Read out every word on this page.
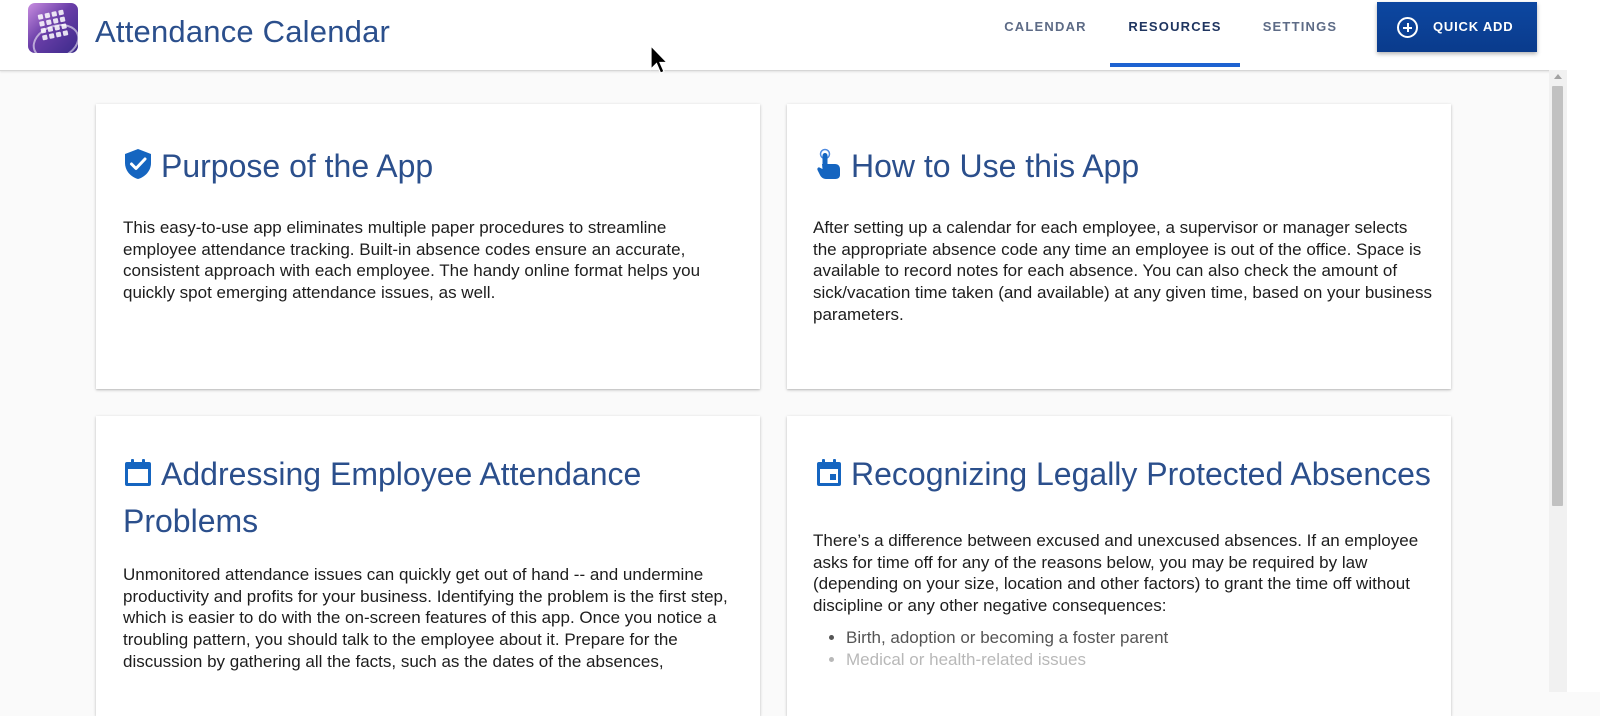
Attendance Calendar	CALENDAR	RESOURCES	SETTINGS	QUICK ADD
Purpose of the App
This easy-to-use app eliminates multiple paper procedures to streamline employee attendance tracking. Built-in absence codes ensure an accurate, consistent approach with each employee. The handy online format helps you quickly spot emerging attendance issues, as well.
How to Use this App
After setting up a calendar for each employee, a supervisor or manager selects the appropriate absence code any time an employee is out of the office. Space is available to record notes for each absence. You can also check the amount of sick/vacation time taken (and available) at any given time, based on your business parameters.
Addressing Employee Attendance Problems
Unmonitored attendance issues can quickly get out of hand -- and undermine productivity and profits for your business. Identifying the problem is the first step, which is easier to do with the on-screen features of this app. Once you notice a troubling pattern, you should talk to the employee about it. Prepare for the discussion by gathering all the facts, such as the dates of the absences,
Recognizing Legally Protected Absences
There’s a difference between excused and unexcused absences. If an employee asks for time off for any of the reasons below, you may be required by law (depending on your size, location and other factors) to grant the time off without discipline or any other negative consequences:
• Birth, adoption or becoming a foster parent
• Medical or health-related issues
